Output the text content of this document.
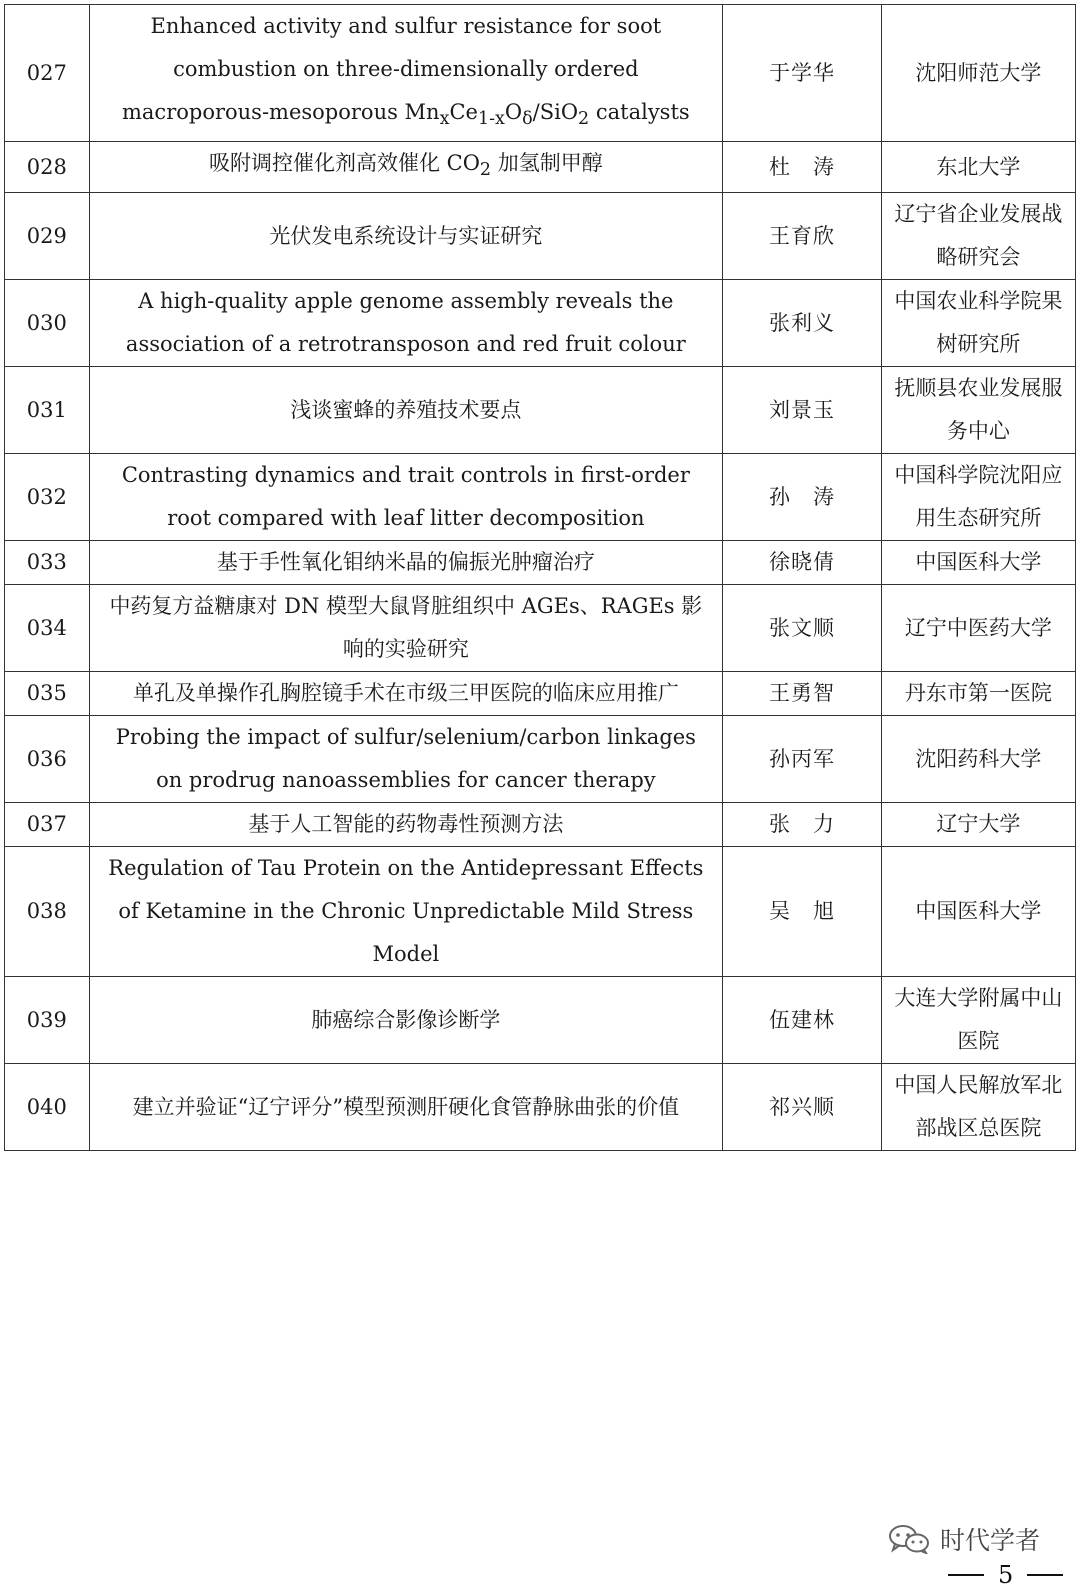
027	Enhanced activity and sulfur resistance for soot combustion on three-dimensionally ordered macroporous-mesoporous $Mn_xCe_{1-x}O_\delta/SiO_2$ catalysts	于学华	沈阳师范大学
028	吸附调控催化剂高效催化 $CO_2$ 加氢制甲醇	杜　涛	东北大学
029	光伏发电系统设计与实证研究	王育欣	辽宁省企业发展战略研究会
030	A high-quality apple genome assembly reveals the association of a retrotransposon and red fruit colour	张利义	中国农业科学院果树研究所
031	浅谈蜜蜂的养殖技术要点	刘景玉	抚顺县农业发展服务中心
032	Contrasting dynamics and trait controls in first-order root compared with leaf litter decomposition	孙　涛	中国科学院沈阳应用生态研究所
033	基于手性氧化钼纳米晶的偏振光肿瘤治疗	徐晓倩	中国医科大学
034	中药复方益糖康对 DN 模型大鼠肾脏组织中 AGEs、RAGEs 影响的实验研究	张文顺	辽宁中医药大学
035	单孔及单操作孔胸腔镜手术在市级三甲医院的临床应用推广	王勇智	丹东市第一医院
036	Probing the impact of sulfur/selenium/carbon linkages on prodrug nanoassemblies for cancer therapy	孙丙军	沈阳药科大学
037	基于人工智能的药物毒性预测方法	张　力	辽宁大学
038	Regulation of Tau Protein on the Antidepressant Effects of Ketamine in the Chronic Unpredictable Mild Stress Model	吴　旭	中国医科大学
039	肺癌综合影像诊断学	伍建林	大连大学附属中山医院
040	建立并验证“辽宁评分”模型预测肝硬化食管静脉曲张的价值	祁兴顺	中国人民解放军北部战区总医院
时代学者
5
